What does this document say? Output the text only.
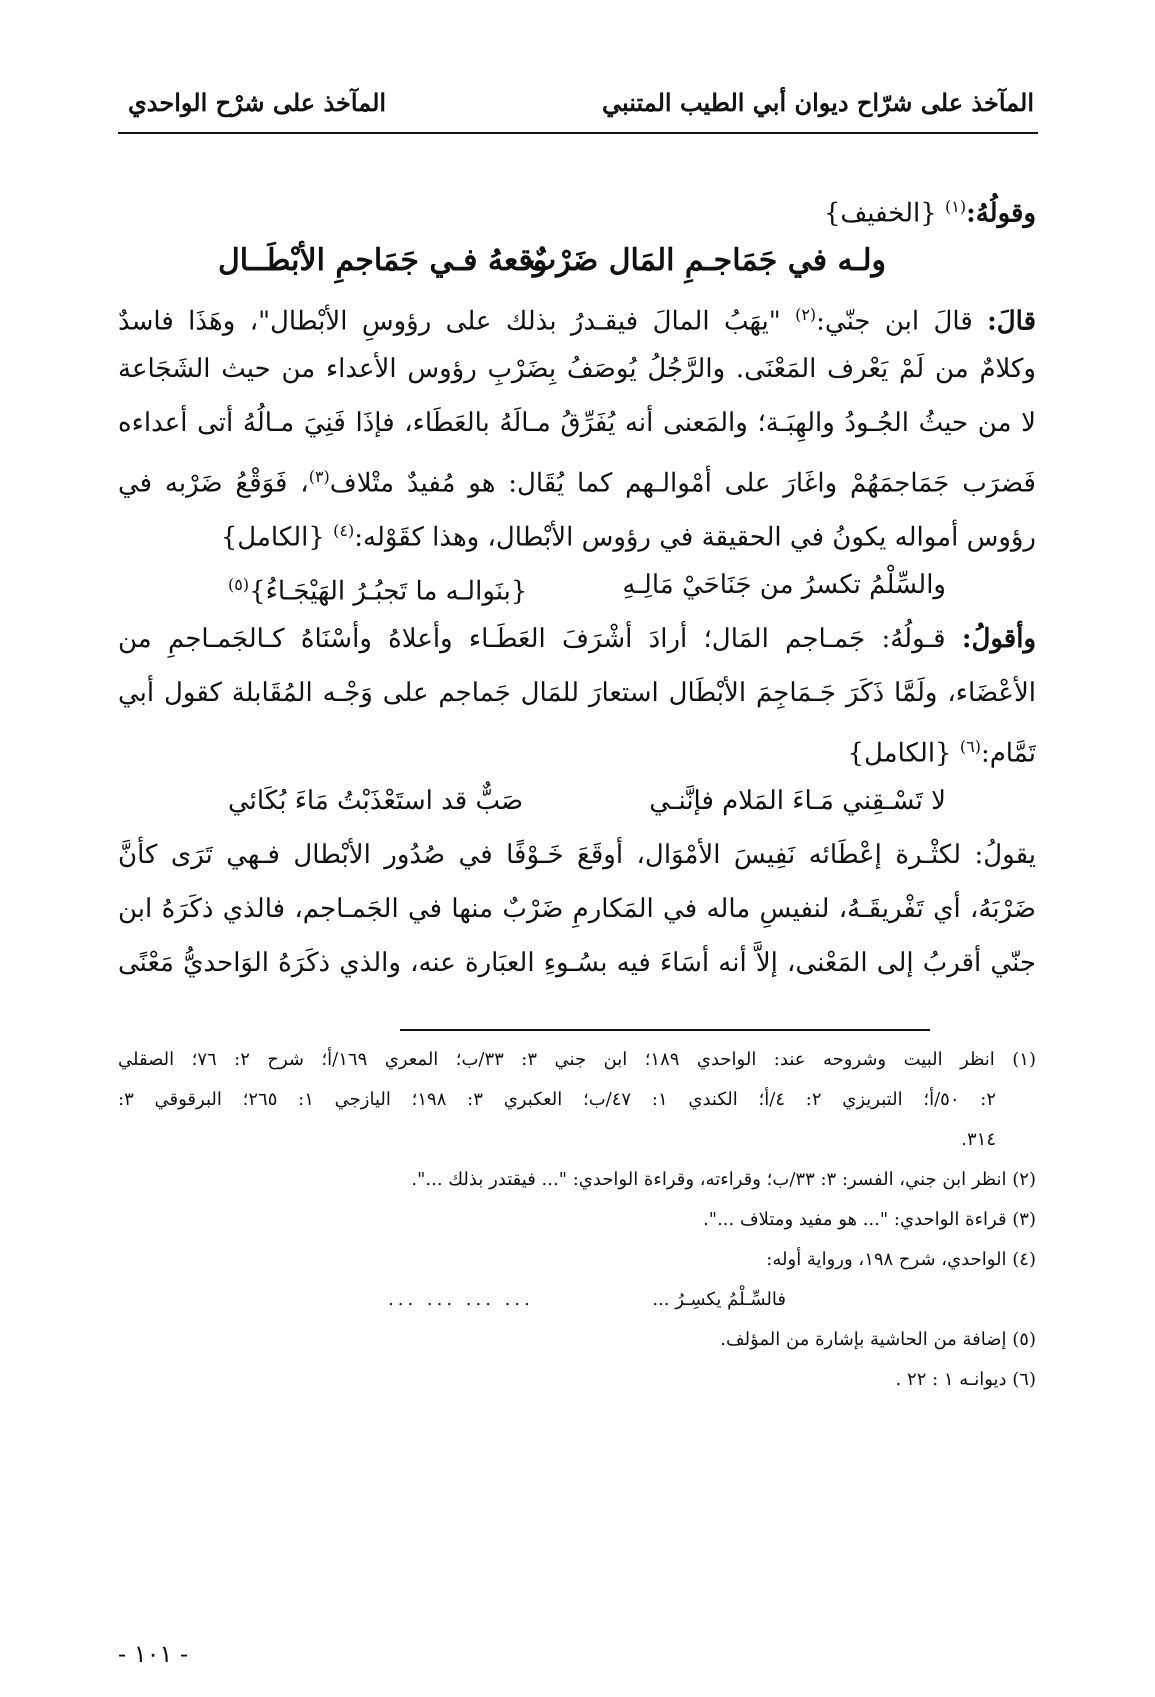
المآخذ على شرّاح ديوان أبي الطيب المتنبي
المآخذ على شرْح الواحدي

وقولُهُ:$^{(١)}$ {الخفيف}

ولـه في جَمَاجـمِ المَال ضَرْبٌ
وقعهُ فـي جَمَاجمِ الأبْطَــال

قالَ: قالَ ابن جنّي:$^{(٢)}$ "يهَبُ المالَ فيقـدرُ بذلك على رؤوسِ الأبْطال"، وهَذَا فاسدٌ

وكلامٌ من لَمْ يَعْرف المَعْنَى. والرَّجُلُ يُوصَفُ بِضَرْبِ رؤوس الأعداء من حيث الشَجَاعة

لا من حيثُ الجُـودُ والهِبَـة؛ والمَعنى أنه يُفَرِّقُ مـالَهُ بالعَطَاء، فإذَا فَنِيَ مـالُهُ أتى أعداءه

فَضرَب جَمَاجمَهُمْ واغَارَ على أمْوالـهم كما يُقَال: هو مُفيدٌ متْلاف$^{(٣)}$، فَوَقْعُ ضَرْبه في

رؤوس أمواله يكونُ في الحقيقة في رؤوس الأبْطال، وهذا كقَوْله:$^{(٤)}$ {الكامل}

والسِّلْمُ تكسرُ من جَنَاحَيْ مَالِـهِ
{بنَوالـه ما تَجبُـرُ الهَيْجَـاءُ}$^{(٥)}$

وأقولُ: قـولُهُ: جَمـاجم المَال؛ أرادَ أشْرَفَ العَطَـاء وأعلاهُ وأسْنَاهُ كـالجَمـاجمِ من

الأعْضَاء، ولَمَّا ذَكَرَ جَـمَاجِمَ الأبْطَال استعارَ للمَال جَماجم على وَجْـه المُقَابلة كقول أبي

تَمَّام:$^{(٦)}$ {الكامل}

لا تَسْـقِني مَـاءَ المَلام فإنَّنـي
صَبٌّ قد استَعْذَبْتُ مَاءَ بُكَائي

يقولُ: لكثْـرة إعْطَائه نَفِيسَ الأمْوَال، أوقَعَ خَـوْفًا في صُدُور الأبْطال فـهي تَرَى كأنَّ

ضَرْبَهُ، أي تَفْريقَـهُ، لنفيسِ ماله في المَكارمِ ضَرْبٌ منها في الجَمـاجم، فالذي ذكَرَهُ ابن

جنّي أقربُ إلى المَعْنى، إلاَّ أنه أسَاءَ فيه بسُـوءِ العبَارة عنه، والذي ذكَرَهُ الوَاحديُّ مَعْنًى

(١) انظر البيت وشروحه عند: الواحدي ١٨٩؛ ابن جني ٣: ٣٣/ب؛ المعري ١٦٩/أ؛ شرح ٢: ٧٦؛ الصقلي

٢: ٥٠/أ؛ التبريزي ٢: ٤/أ؛ الكندي ١: ٤٧/ب؛ العكبري ٣: ١٩٨؛ اليازجي ١: ٢٦٥؛ البرقوقي ٣:

٣١٤.

(٢) انظر ابن جني، الفسر: ٣: ٣٣/ب؛ وقراءته، وقراءة الواحدي: "... فيقتدر بذلك ...".

(٣) قراءة الواحدي: "... هو مفيد ومتلاف ...".

(٤) الواحدي، شرح ١٩٨، ورواية أوله:

فالسِّـلْمُ يكسِـرُ ...
... ... ... ...

(٥) إضافة من الحاشية بإشارة من المؤلف.

(٦) ديوانـه ١ : ٢٢ .

- ١٠١ -
